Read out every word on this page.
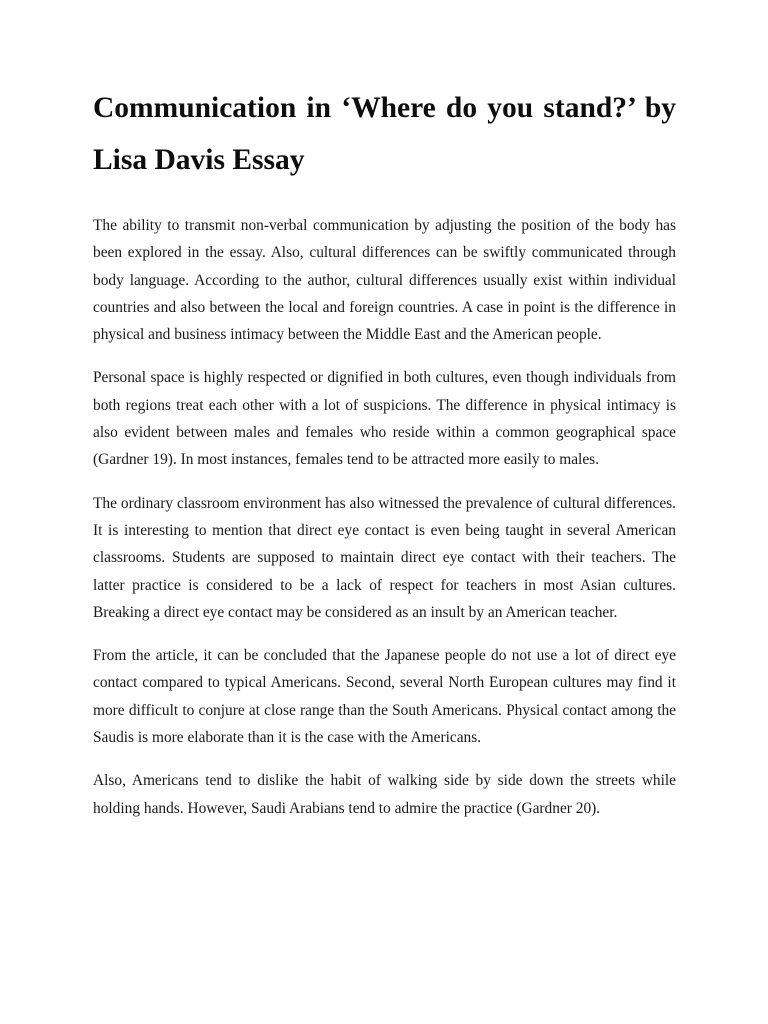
Communication in ‘Where do you stand?’ by Lisa Davis Essay

The ability to transmit non-verbal communication by adjusting the position of the body has been explored in the essay. Also, cultural differences can be swiftly communicated through body language. According to the author, cultural differences usually exist within individual countries and also between the local and foreign countries. A case in point is the difference in physical and business intimacy between the Middle East and the American people.

Personal space is highly respected or dignified in both cultures, even though individuals from both regions treat each other with a lot of suspicions. The difference in physical intimacy is also evident between males and females who reside within a common geographical space (Gardner 19). In most instances, females tend to be attracted more easily to males.

The ordinary classroom environment has also witnessed the prevalence of cultural differences. It is interesting to mention that direct eye contact is even being taught in several American classrooms. Students are supposed to maintain direct eye contact with their teachers. The latter practice is considered to be a lack of respect for teachers in most Asian cultures. Breaking a direct eye contact may be considered as an insult by an American teacher.

From the article, it can be concluded that the Japanese people do not use a lot of direct eye contact compared to typical Americans. Second, several North European cultures may find it more difficult to conjure at close range than the South Americans. Physical contact among the Saudis is more elaborate than it is the case with the Americans.

Also, Americans tend to dislike the habit of walking side by side down the streets while holding hands. However, Saudi Arabians tend to admire the practice (Gardner 20).
